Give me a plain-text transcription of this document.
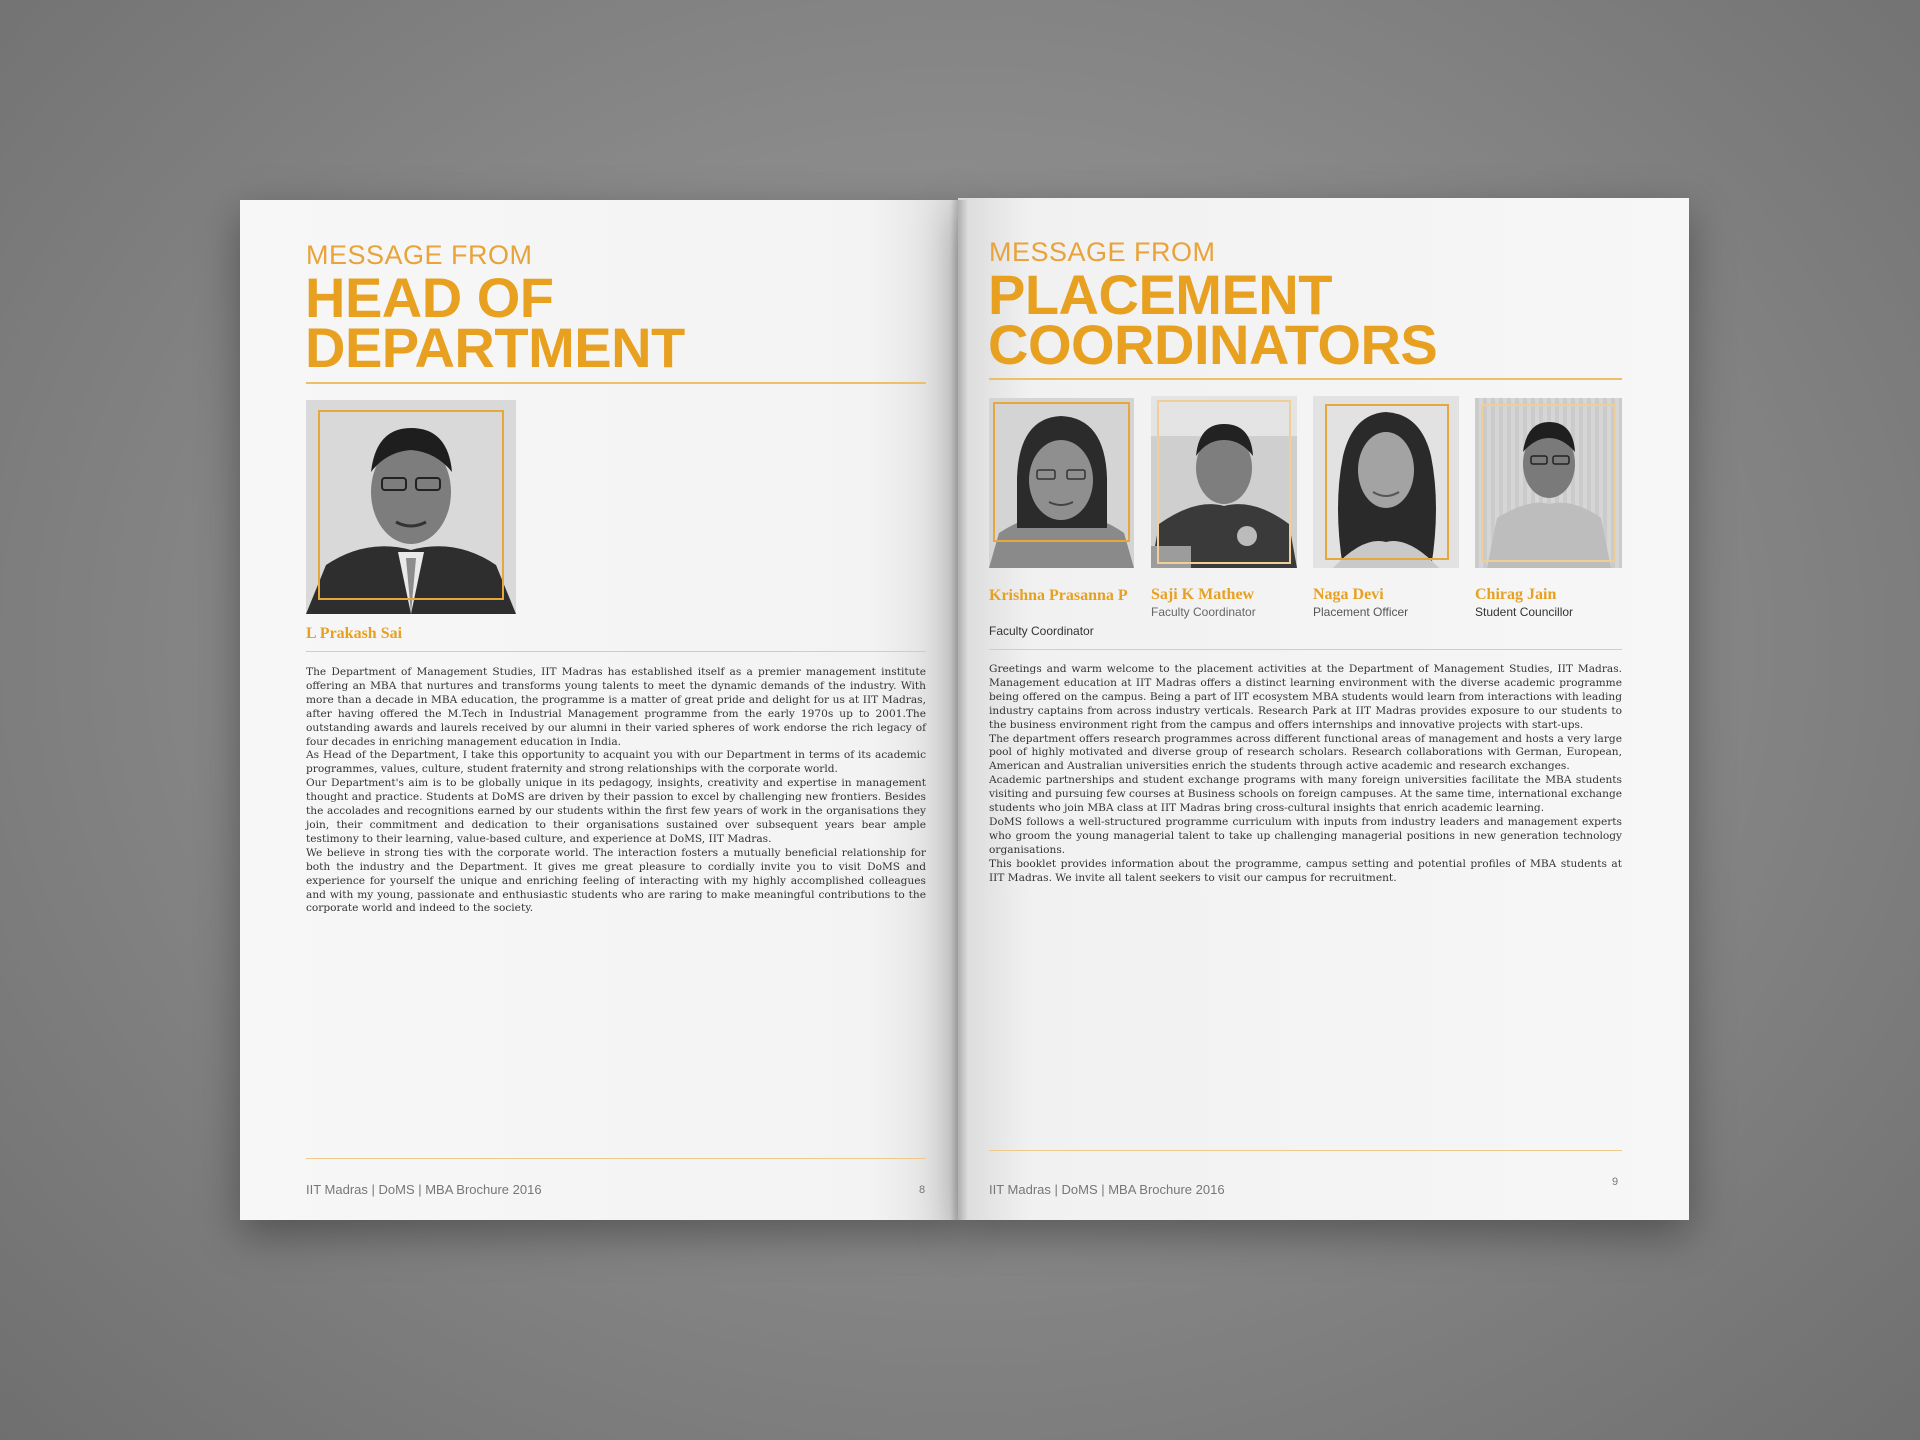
MESSAGE FROM
HEAD OF
DEPARTMENT
L Prakash Sai

The Department of Management Studies, IIT Madras has established itself as a premier management institute offering an MBA that nurtures and transforms young talents to meet the dynamic demands of the industry. With more than a decade in MBA education, the programme is a matter of great pride and delight for us at IIT Madras, after having offered the M.Tech in Industrial Management programme from the early 1970s up to 2001.The outstanding awards and laurels received by our alumni in their varied spheres of work endorse the rich legacy of four decades in enriching management education in India.

As Head of the Department, I take this opportunity to acquaint you with our Department in terms of its academic programmes, values, culture, student fraternity and strong relationships with the corporate world.

Our Department's aim is to be globally unique in its pedagogy, insights, creativity and expertise in management thought and practice. Students at DoMS are driven by their passion to excel by challenging new frontiers. Besides the accolades and recognitions earned by our students within the first few years of work in the organisations they join, their commitment and dedication to their organisations sustained over subsequent years bear ample testimony to their learning, value-based culture, and experience at DoMS, IIT Madras.

We believe in strong ties with the corporate world. The interaction fosters a mutually beneficial relationship for both the industry and the Department. It gives me great pleasure to cordially invite you to visit DoMS and experience for yourself the unique and enriching feeling of interacting with my highly accomplished colleagues and with my young, passionate and enthusiastic students who are raring to make meaningful contributions to the corporate world and indeed to the society.

IIT Madras | DoMS | MBA Brochure 2016	8
MESSAGE FROM
PLACEMENT
COORDINATORS
Krishna Prasanna P
Faculty Coordinator
Saji K Mathew
Faculty Coordinator
Naga Devi
Placement Officer
Chirag Jain
Student Councillor

Greetings and warm welcome to the placement activities at the Department of Management Studies, IIT Madras. Management education at IIT Madras offers a distinct learning environment with the diverse academic programme being offered on the campus. Being a part of IIT ecosystem MBA students would learn from interactions with leading industry captains from across industry verticals. Research Park at IIT Madras provides exposure to our students to the business environment right from the campus and offers internships and innovative projects with start-ups.

The department offers research programmes across different functional areas of management and hosts a very large pool of highly motivated and diverse group of research scholars. Research collaborations with German, European, American and Australian universities enrich the students through active academic and research exchanges.

Academic partnerships and student exchange programs with many foreign universities facilitate the MBA students visiting and pursuing few courses at Business schools on foreign campuses. At the same time, international exchange students who join MBA class at IIT Madras bring cross-cultural insights that enrich academic learning.

DoMS follows a well-structured programme curriculum with inputs from industry leaders and management experts who groom the young managerial talent to take up challenging managerial positions in new generation technology organisations.

This booklet provides information about the programme, campus setting and potential profiles of MBA students at IIT Madras. We invite all talent seekers to visit our campus for recruitment.

IIT Madras | DoMS | MBA Brochure 2016	9
